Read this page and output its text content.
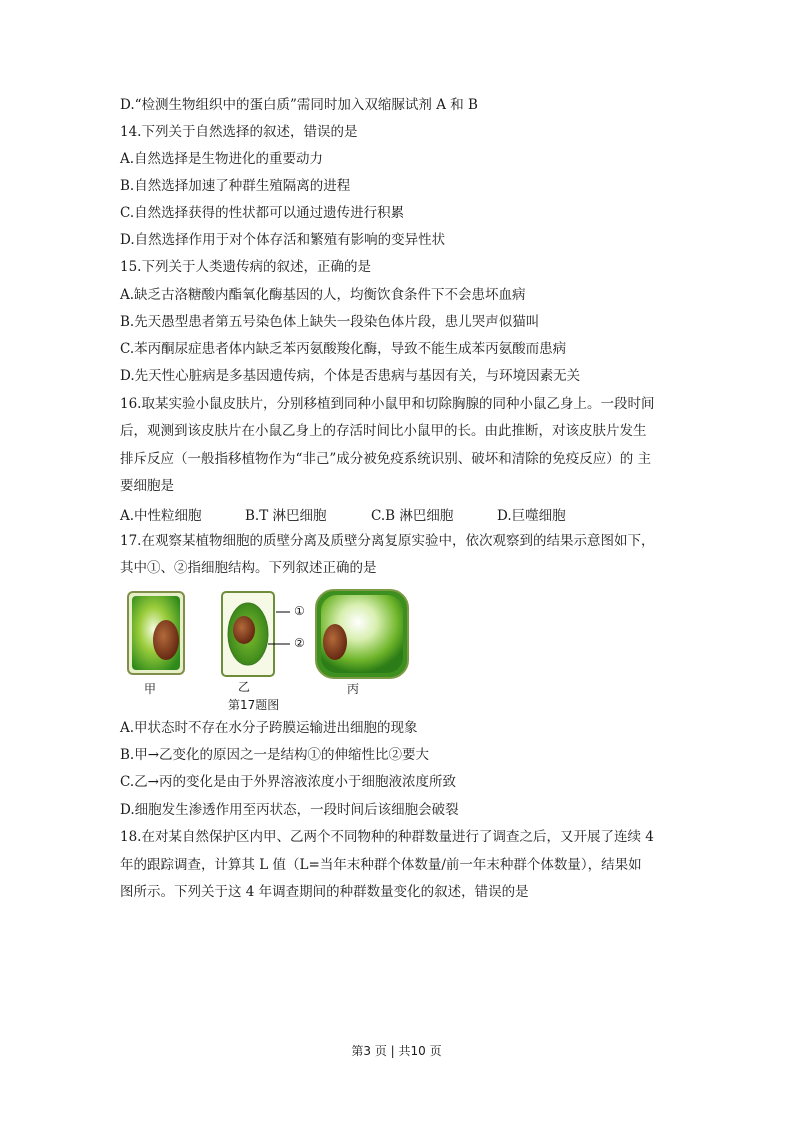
D.“检测生物组织中的蛋白质”需同时加入双缩脲试剂 A 和 B
14.下列关于自然选择的叙述，错误的是
A.自然选择是生物进化的重要动力
B.自然选择加速了种群生殖隔离的进程
C.自然选择获得的性状都可以通过遗传进行积累
D.自然选择作用于对个体存活和繁殖有影响的变异性状
15.下列关于人类遗传病的叙述，正确的是
A.缺乏古洛糖酸内酯氧化酶基因的人，均衡饮食条件下不会患坏血病
B.先天愚型患者第五号染色体上缺失一段染色体片段，患儿哭声似猫叫
C.苯丙酮尿症患者体内缺乏苯丙氨酸羧化酶，导致不能生成苯丙氨酸而患病
D.先天性心脏病是多基因遗传病，个体是否患病与基因有关，与环境因素无关
16.取某实验小鼠皮肤片，分别移植到同种小鼠甲和切除胸腺的同种小鼠乙身上。一段时间
后，观测到该皮肤片在小鼠乙身上的存活时间比小鼠甲的长。由此推断，对该皮肤片发生
排斥反应（一般指移植物作为“非己”成分被免疫系统识别、破坏和清除的免疫反应）的 主
要细胞是
A.中性粒细胞	B.T 淋巴细胞	C.B 淋巴细胞	D.巨噬细胞
17.在观察某植物细胞的质壁分离及质壁分离复原实验中，依次观察到的结果示意图如下，
其中①、②指细胞结构。下列叙述正确的是
①
②
甲	乙	丙
第17题图
A.甲状态时不存在水分子跨膜运输进出细胞的现象
B.甲→乙变化的原因之一是结构①的伸缩性比②要大
C.乙→丙的变化是由于外界溶液浓度小于细胞液浓度所致
D.细胞发生渗透作用至丙状态，一段时间后该细胞会破裂
18.在对某自然保护区内甲、乙两个不同物种的种群数量进行了调查之后，又开展了连续 4
年的跟踪调查，计算其 L 值（L=当年末种群个体数量/前一年末种群个体数量），结果如
图所示。下列关于这 4 年调查期间的种群数量变化的叙述，错误的是
第3 页 | 共10 页
